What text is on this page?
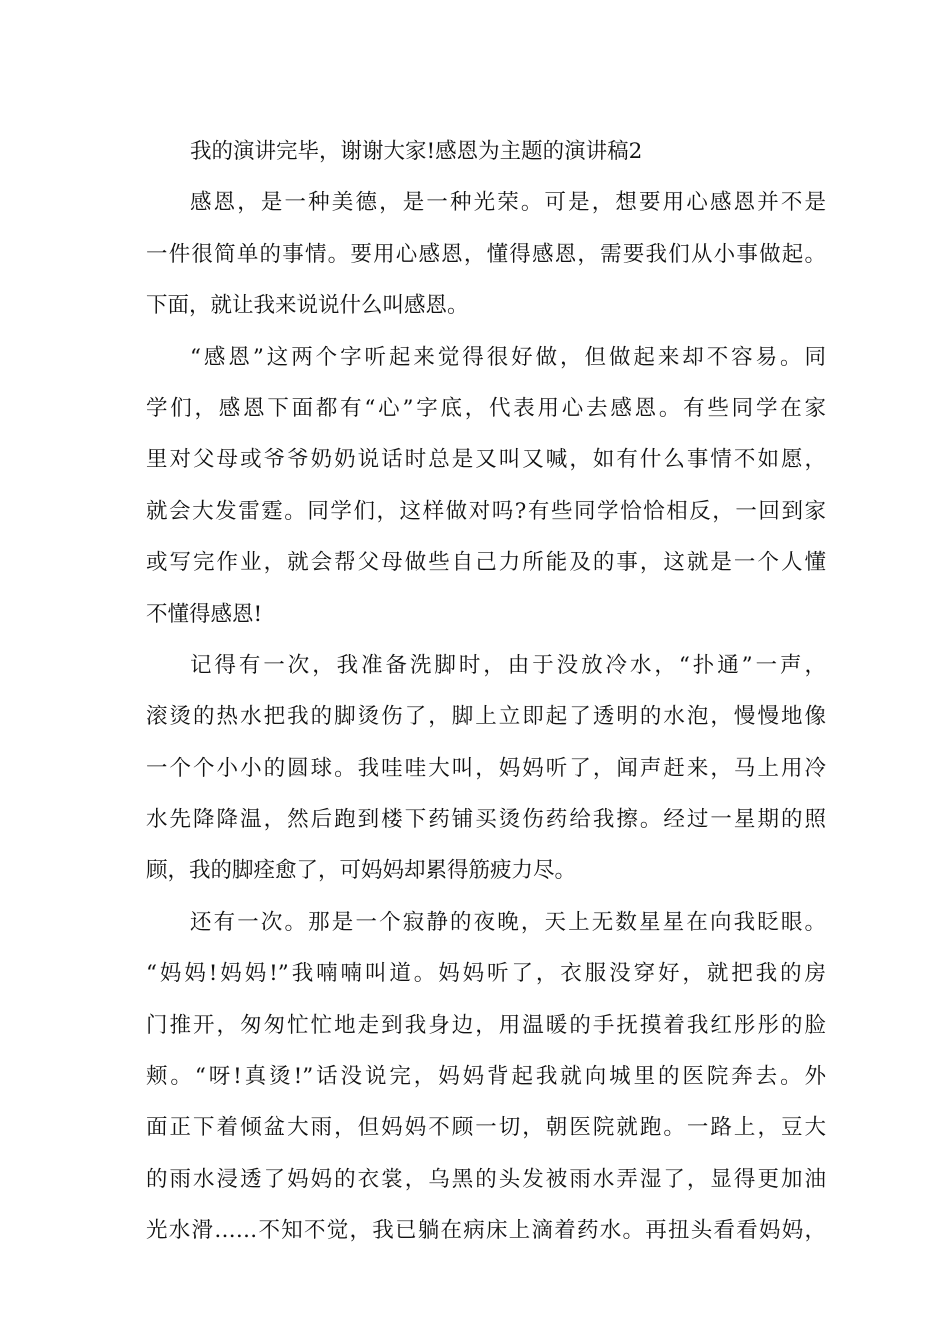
我的演讲完毕，谢谢大家!感恩为主题的演讲稿2
感恩，是一种美德，是一种光荣。可是，想要用心感恩并不是
一件很简单的事情。要用心感恩，懂得感恩，需要我们从小事做起。
下面，就让我来说说什么叫感恩。
“感恩”这两个字听起来觉得很好做，但做起来却不容易。同
学们，感恩下面都有“心”字底，代表用心去感恩。有些同学在家
里对父母或爷爷奶奶说话时总是又叫又喊，如有什么事情不如愿，
就会大发雷霆。同学们，这样做对吗?有些同学恰恰相反，一回到家
或写完作业，就会帮父母做些自己力所能及的事，这就是一个人懂
不懂得感恩!
记得有一次，我准备洗脚时，由于没放冷水，“扑通”一声，
滚烫的热水把我的脚烫伤了，脚上立即起了透明的水泡，慢慢地像
一个个小小的圆球。我哇哇大叫，妈妈听了，闻声赶来，马上用冷
水先降降温，然后跑到楼下药铺买烫伤药给我擦。经过一星期的照
顾，我的脚痊愈了，可妈妈却累得筋疲力尽。
还有一次。那是一个寂静的夜晚，天上无数星星在向我眨眼。
“妈妈!妈妈!”我喃喃叫道。妈妈听了，衣服没穿好，就把我的房
门推开，匆匆忙忙地走到我身边，用温暖的手抚摸着我红彤彤的脸
颊。“呀!真烫!”话没说完，妈妈背起我就向城里的医院奔去。外
面正下着倾盆大雨，但妈妈不顾一切，朝医院就跑。一路上，豆大
的雨水浸透了妈妈的衣裳，乌黑的头发被雨水弄湿了，显得更加油
光水滑……不知不觉，我已躺在病床上滴着药水。再扭头看看妈妈，
